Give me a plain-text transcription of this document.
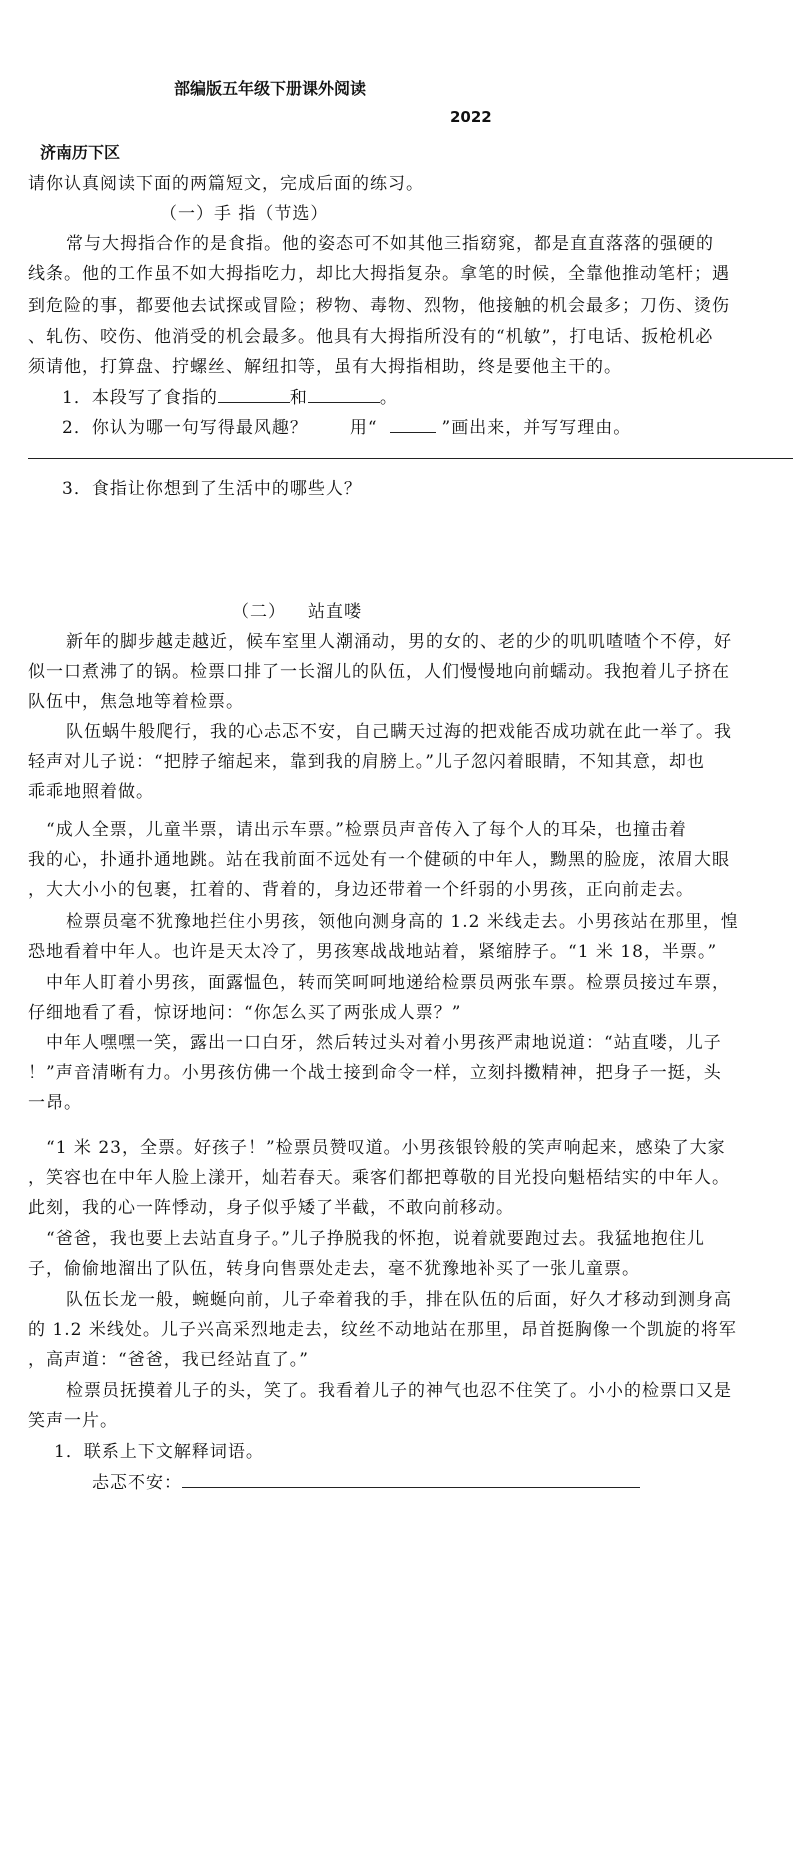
部编版五年级下册课外阅读
2022
济南历下区
请你认真阅读下面的两篇短文，完成后面的练习。
（一）手 指（节选）
常与大拇指合作的是食指。他的姿态可不如其他三指窈窕，都是直直落落的强硬的
线条。他的工作虽不如大拇指吃力，却比大拇指复杂。拿笔的时候，全靠他推动笔杆；遇
到危险的事，都要他去试探或冒险；秽物、毒物、烈物，他接触的机会最多；刀伤、烫伤
、轧伤、咬伤、他消受的机会最多。他具有大拇指所没有的“机敏”，打电话、扳枪机必
须请他，打算盘、拧螺丝、解纽扣等，虽有大拇指相助，终是要他主干的。
1．本段写了食指的	和	。
2．你认为哪一句写得最风趣？ 用“	”画出来，并写写理由。
3．食指让你想到了生活中的哪些人？
（二） 站直喽
新年的脚步越走越近，候车室里人潮涌动，男的女的、老的少的叽叽喳喳个不停，好
似一口煮沸了的锅。检票口排了一长溜儿的队伍，人们慢慢地向前蠕动。我抱着儿子挤在
队伍中，焦急地等着检票。
队伍蜗牛般爬行，我的心忐忑不安，自己瞒天过海的把戏能否成功就在此一举了。我
轻声对儿子说：“把脖子缩起来，靠到我的肩膀上。”儿子忽闪着眼睛，不知其意，却也
乖乖地照着做。
“成人全票，儿童半票，请出示车票。”检票员声音传入了每个人的耳朵，也撞击着
我的心，扑通扑通地跳。站在我前面不远处有一个健硕的中年人，黝黑的脸庞，浓眉大眼
，大大小小的包裹，扛着的、背着的，身边还带着一个纤弱的小男孩，正向前走去。
检票员毫不犹豫地拦住小男孩，领他向测身高的 1.2 米线走去。小男孩站在那里，惶
恐地看着中年人。也许是天太冷了，男孩寒战战地站着，紧缩脖子。“1 米 18，半票。”
中年人盯着小男孩，面露愠色，转而笑呵呵地递给检票员两张车票。检票员接过车票，
仔细地看了看，惊讶地问：“你怎么买了两张成人票？”
中年人嘿嘿一笑，露出一口白牙，然后转过头对着小男孩严肃地说道：“站直喽，儿子
！”声音清晰有力。小男孩仿佛一个战士接到命令一样，立刻抖擞精神，把身子一挺，头
一昂。
“1 米 23，全票。好孩子！”检票员赞叹道。小男孩银铃般的笑声响起来，感染了大家
，笑容也在中年人脸上漾开，灿若春天。乘客们都把尊敬的目光投向魁梧结实的中年人。
此刻，我的心一阵悸动，身子似乎矮了半截，不敢向前移动。
“爸爸，我也要上去站直身子。”儿子挣脱我的怀抱，说着就要跑过去。我猛地抱住儿
子，偷偷地溜出了队伍，转身向售票处走去，毫不犹豫地补买了一张儿童票。
队伍长龙一般，蜿蜒向前，儿子牵着我的手，排在队伍的后面，好久才移动到测身高
的 1.2 米线处。儿子兴高采烈地走去，纹丝不动地站在那里，昂首挺胸像一个凯旋的将军
，高声道：“爸爸，我已经站直了。”
检票员抚摸着儿子的头，笑了。我看着儿子的神气也忍不住笑了。小小的检票口又是
笑声一片。
1．联系上下文解释词语。
忐忑不安：
